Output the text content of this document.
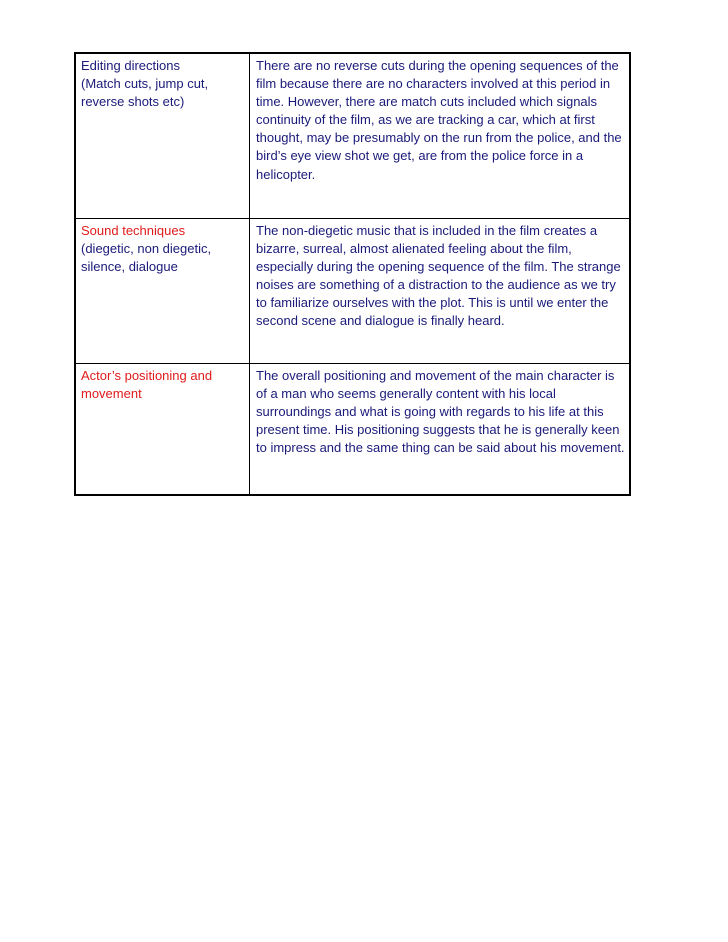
Editing directions
(Match cuts, jump cut, reverse shots etc)	There are no reverse cuts during the opening sequences of the film because there are no characters involved at this period in time. However, there are match cuts included which signals continuity of the film, as we are tracking a car, which at first thought, may be presumably on the run from the police, and the bird’s eye view shot we get, are from the police force in a helicopter.

Sound techniques
(diegetic, non diegetic, silence, dialogue	The non-diegetic music that is included in the film creates a bizarre, surreal, almost alienated feeling about the film, especially during the opening sequence of the film. The strange noises are something of a distraction to the audience as we try to familiarize ourselves with the plot. This is until we enter the second scene and dialogue is finally heard.

Actor’s positioning and movement	The overall positioning and movement of the main character is of a man who seems generally content with his local surroundings and what is going with regards to his life at this present time. His positioning suggests that he is generally keen to impress and the same thing can be said about his movement.
